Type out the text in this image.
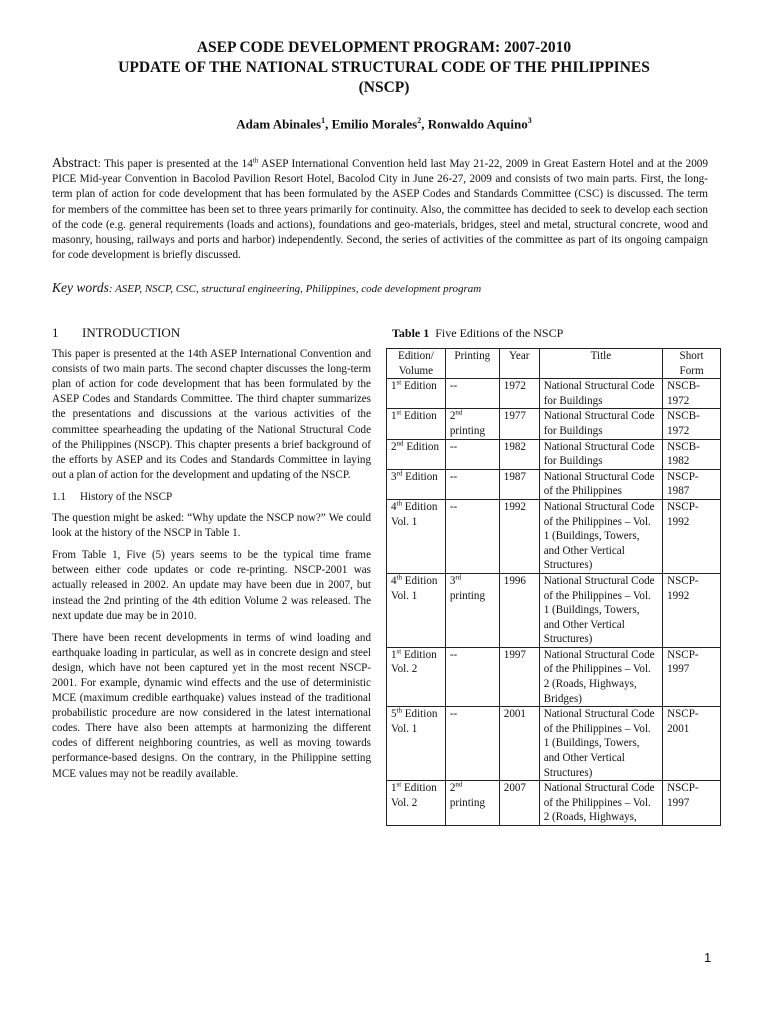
ASEP CODE DEVELOPMENT PROGRAM: 2007-2010
UPDATE OF THE NATIONAL STRUCTURAL CODE OF THE PHILIPPINES
(NSCP)
Adam Abinales$^1$, Emilio Morales$^2$, Ronwaldo Aquino$^3$
Abstract: This paper is presented at the 14th ASEP International Convention held last May 21-22, 2009 in Great Eastern Hotel and at the 2009 PICE Mid-year Convention in Bacolod Pavilion Resort Hotel, Bacolod City in June 26-27, 2009 and consists of two main parts. First, the long-term plan of action for code development that has been formulated by the ASEP Codes and Standards Committee (CSC) is discussed. The term for members of the committee has been set to three years primarily for continuity. Also, the committee has decided to seek to develop each section of the code (e.g. general requirements (loads and actions), foundations and geo-materials, bridges, steel and metal, structural concrete, wood and masonry, housing, railways and ports and harbor) independently. Second, the series of activities of the committee as part of its ongoing campaign for code development is briefly discussed.
Key words: ASEP, NSCP, CSC, structural engineering, Philippines, code development program
1 INTRODUCTION

This paper is presented at the 14th ASEP International Convention and consists of two main parts. The second chapter discusses the long-term plan of action for code development that has been formulated by the ASEP Codes and Standards Committee. The third chapter summarizes the presentations and discussions at the various activities of the committee spearheading the updating of the National Structural Code of the Philippines (NSCP). This chapter presents a brief background of the efforts by ASEP and its Codes and Standards Committee in laying out a plan of action for the development and updating of the NSCP.

1.1 History of the NSCP

The question might be asked: “Why update the NSCP now?” We could look at the history of the NSCP in Table 1.

From Table 1, Five (5) years seems to be the typical time frame between either code updates or code re-printing. NSCP-2001 was actually released in 2002. An update may have been due in 2007, but instead the 2nd printing of the 4th edition Volume 2 was released. The next update due may be in 2010.

There have been recent developments in terms of wind loading and earthquake loading in particular, as well as in concrete design and steel design, which have not been captured yet in the most recent NSCP-2001. For example, dynamic wind effects and the use of deterministic MCE (maximum credible earthquake) values instead of the traditional probabilistic procedure are now considered in the latest international codes. There have also been attempts at harmonizing the different codes of different neighboring countries, as well as moving towards performance-based designs. On the contrary, in the Philippine setting MCE values may not be readily available.

Table 1 Five Editions of the NSCP
Edition/ Volume	Printing	Year	Title	Short Form
1st Edition	--	1972	National Structural Code for Buildings	NSCB-1972
1st Edition	2nd printing	1977	National Structural Code for Buildings	NSCB-1972
2nd Edition	--	1982	National Structural Code for Buildings	NSCB-1982
3rd Edition	--	1987	National Structural Code of the Philippines	NSCP-1987
4th Edition Vol. 1	--	1992	National Structural Code of the Philippines – Vol. 1 (Buildings, Towers, and Other Vertical Structures)	NSCP-1992
4th Edition Vol. 1	3rd printing	1996	National Structural Code of the Philippines – Vol. 1 (Buildings, Towers, and Other Vertical Structures)	NSCP-1992
1st Edition Vol. 2	--	1997	National Structural Code of the Philippines – Vol. 2 (Roads, Highways, Bridges)	NSCP-1997
5th Edition Vol. 1	--	2001	National Structural Code of the Philippines – Vol. 1 (Buildings, Towers, and Other Vertical Structures)	NSCP-2001
1st Edition Vol. 2	2nd printing	2007	National Structural Code of the Philippines – Vol. 2 (Roads, Highways,	NSCP-1997
1
